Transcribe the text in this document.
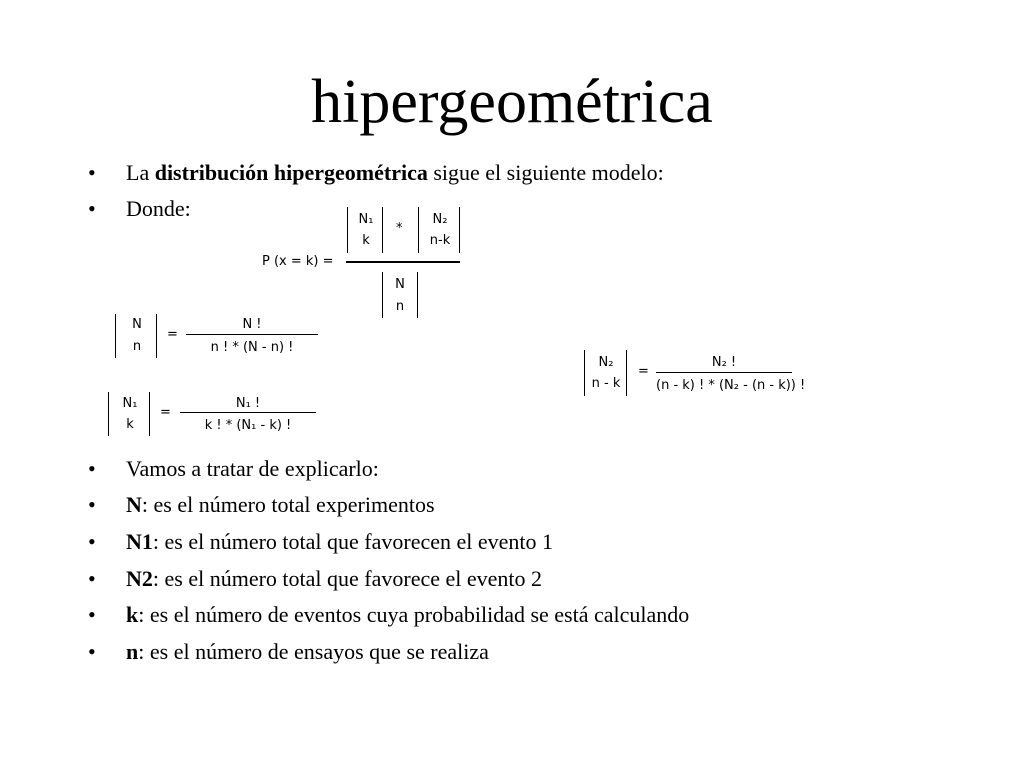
hipergeométrica
• La distribución hipergeométrica sigue el siguiente modelo:
• Donde:
P (x = k) =
N₁
k
*
N₂
n-k
N
n
N
n
=
N !
n ! * (N - n) !
N₁
k
=
N₁ !
k ! * (N₁ - k) !
N₂
n - k
=
N₂ !
(n - k) ! * (N₂ - (n - k)) !
• Vamos a tratar de explicarlo:
• N: es el número total experimentos
• N1: es el número total que favorecen el evento 1
• N2: es el número total que favorece el evento 2
• k: es el número de eventos cuya probabilidad se está calculando
• n: es el número de ensayos que se realiza
